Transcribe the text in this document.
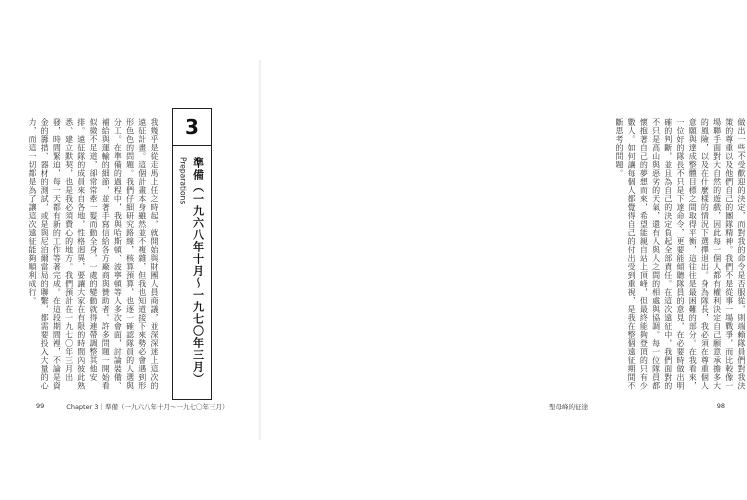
我幾乎是從走馬上任之時起，就開始與財團人員商議，並深深迷上這次的遠征計畫。這個計畫本身雖然並不複雜，但我也知道接下來勢必會遇到形形色色的問題。我們仔細研究路線，核算預算，也逐一確認隊員的人選與分工。在準備的過程中，我與哈斯頓、波寧頓等人多次會面，討論裝備、補給與運輸的細節，並著手寫信給各方廠商與贊助者。許多問題一開始看似微不足道，卻常常牽一髮而動全身，一處的變動就得連帶調整其他安排。遠征隊的成員來自各地，性格迥異，要讓大家在有限的時間內彼此熟悉、建立默契，也是我必須費心的地方。我們預計在一九七〇年三月出發，時間緊迫，每一天都有新的工作等著完成。在這段期間裡，不論是資金的籌措、器材的測試，或是與尼泊爾當局的聯繫，都需要投入大量的心力，而這一切都是為了讓這次遠征能夠順利成行。	3
準備（一九六八年十月～一九七〇年三月）
Preparations
99	Chapter 3｜準備（一九六八年十月～一九七〇年三月）
做出一些不受歡迎的決定，而對我的命令是否服從，則端賴隊員們對我決策的尊重以及他們自己的團隊精神。我們不是從事一場戰爭，而比較像一場聯手面對大自然的遊戲，因此每一個人都有權利決定自己願意承擔多大的風險，以及在什麼樣的情況下選擇退出。身為隊長，我必須在尊重個人意願與達成整體目標之間取得平衡，這往往是最困難的部分。在我看來，一位好的隊長不只是下達命令，更要能傾聽隊員的意見，在必要時做出明確的判斷，並且為自己的決定負起全部責任。在這次遠征中，我們面對的不只是高山與惡劣的天氣，還有人與人之間的相處與協調。每一位隊員都懷抱著自己的夢想而來，希望能親自站上頂峰，但最終能夠登頂的只有少數人。如何讓每個人都覺得自己的付出受到重視，是我在整個遠征期間不斷思考的問題。
聖母峰的征途	98
